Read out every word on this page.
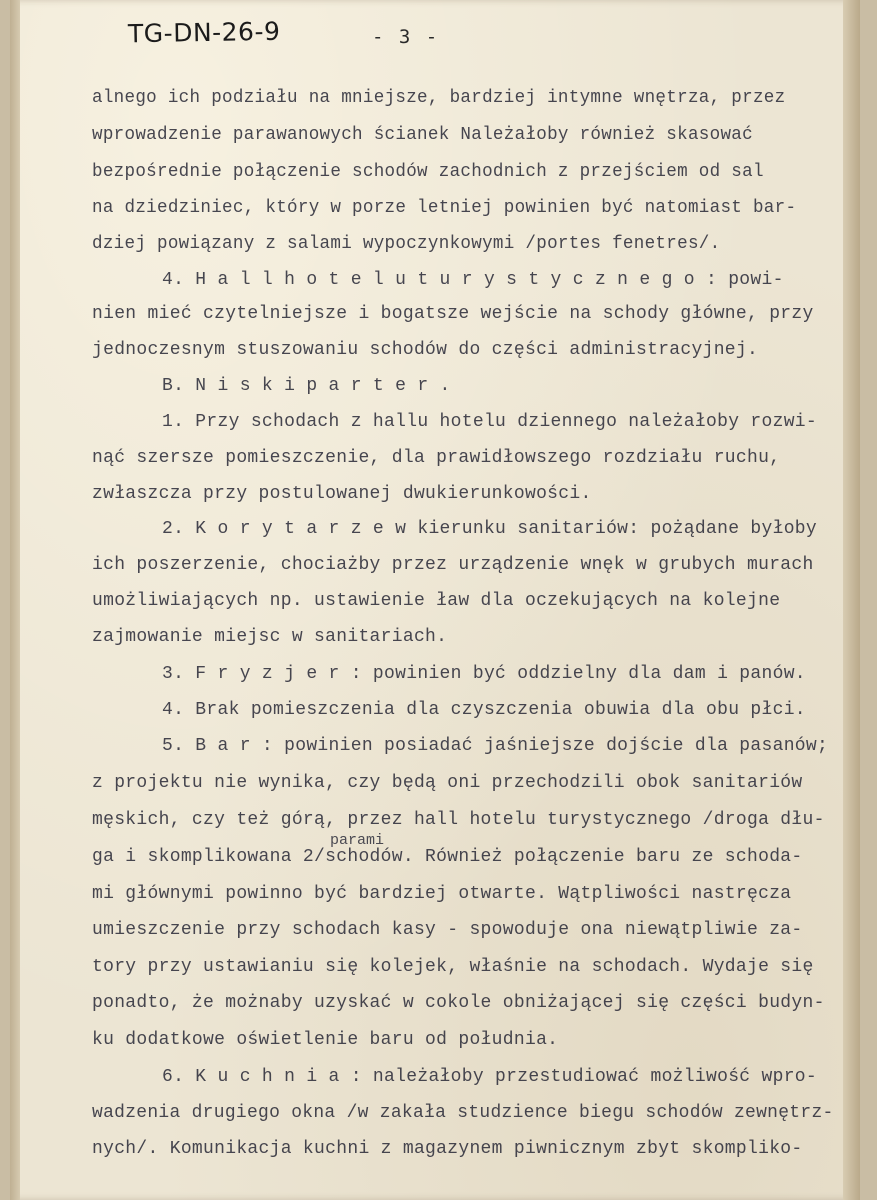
TG-DN-26-9	- 3 -
alnego ich podziału na mniejsze, bardziej intymne wnętrza, przez
wprowadzenie parawanowych ścianek Należałoby również skasować
bezpośrednie połączenie schodów zachodnich z przejściem od sal
na dziedziniec, który w porze letniej powinien być natomiast bar-
dziej powiązany z salami wypoczynkowymi /portes fenetres/.
4. H a l l h o t e l u t u r y s t y c z n e g o : powi-
nien mieć czytelniejsze i bogatsze wejście na schody główne, przy
jednoczesnym stuszowaniu schodów do części administracyjnej.
B. N i s k i p a r t e r .
1. Przy schodach z hallu hotelu dziennego należałoby rozwi-
nąć szersze pomieszczenie, dla prawidłowszego rozdziału ruchu,
zwłaszcza przy postulowanej dwukierunkowości.
2. K o r y t a r z e w kierunku sanitariów: pożądane byłoby
ich poszerzenie, chociażby przez urządzenie wnęk w grubych murach
umożliwiających np. ustawienie ław dla oczekujących na kolejne
zajmowanie miejsc w sanitariach.
3. F r y z j e r : powinien być oddzielny dla dam i panów.
4. Brak pomieszczenia dla czyszczenia obuwia dla obu płci.
5. B a r : powinien posiadać jaśniejsze dojście dla pasanów;
z projektu nie wynika, czy będą oni przechodzili obok sanitariów
męskich, czy też górą, przez hall hotelu turystycznego /droga dłu-
parami
ga i skomplikowana 2/schodów. Również połączenie baru ze schoda-
mi głównymi powinno być bardziej otwarte. Wątpliwości nastręcza
umieszczenie przy schodach kasy - spowoduje ona niewątpliwie za-
tory przy ustawianiu się kolejek, właśnie na schodach. Wydaje się
ponadto, że możnaby uzyskać w cokole obniżającej się części budyn-
ku dodatkowe oświetlenie baru od południa.
6. K u c h n i a : należałoby przestudiować możliwość wpro-
wadzenia drugiego okna /w zakała studzience biegu schodów zewnętrz-
nych/. Komunikacja kuchni z magazynem piwnicznym zbyt skompliko-
